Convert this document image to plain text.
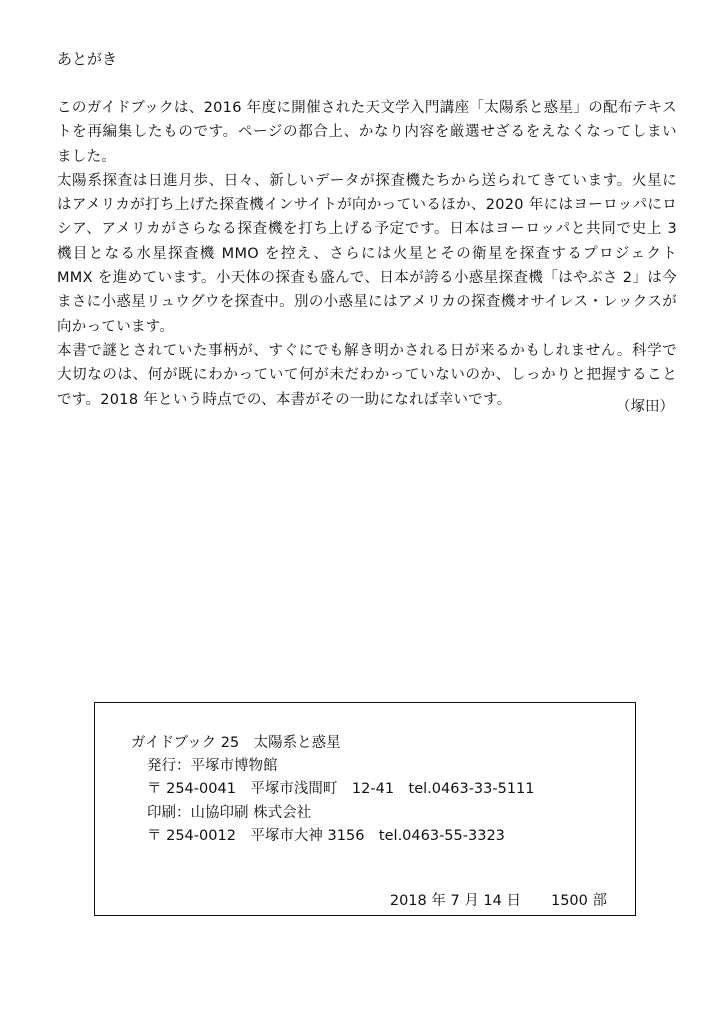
あとがき

このガイドブックは、2016 年度に開催された天文学入門講座「太陽系と惑星」の配布テキストを再編集したものです。ページの都合上、かなり内容を厳選せざるをえなくなってしまいました。

太陽系探査は日進月歩、日々、新しいデータが探査機たちから送られてきています。火星にはアメリカが打ち上げた探査機インサイトが向かっているほか、2020 年にはヨーロッパにロシア、アメリカがさらなる探査機を打ち上げる予定です。日本はヨーロッパと共同で史上 3 機目となる水星探査機 MMO を控え、さらには火星とその衛星を探査するプロジェクト MMX を進めています。小天体の探査も盛んで、日本が誇る小惑星探査機「はやぶさ 2」は今まさに小惑星リュウグウを探査中。別の小惑星にはアメリカの探査機オサイレス・レックスが向かっています。

本書で謎とされていた事柄が、すぐにでも解き明かされる日が来るかもしれません。科学で大切なのは、何が既にわかっていて何が未だわかっていないのか、しっかりと把握することです。2018 年という時点での、本書がその一助になれば幸いです。	（塚田）
ガイドブック 25　太陽系と惑星
発行：平塚市博物館
〒 254-0041　平塚市浅間町　12-41　tel.0463-33-5111
印刷：山協印刷 株式会社
〒 254-0012　平塚市大神 3156　tel.0463-55-3323

2018 年 7 月 14 日 1500 部
